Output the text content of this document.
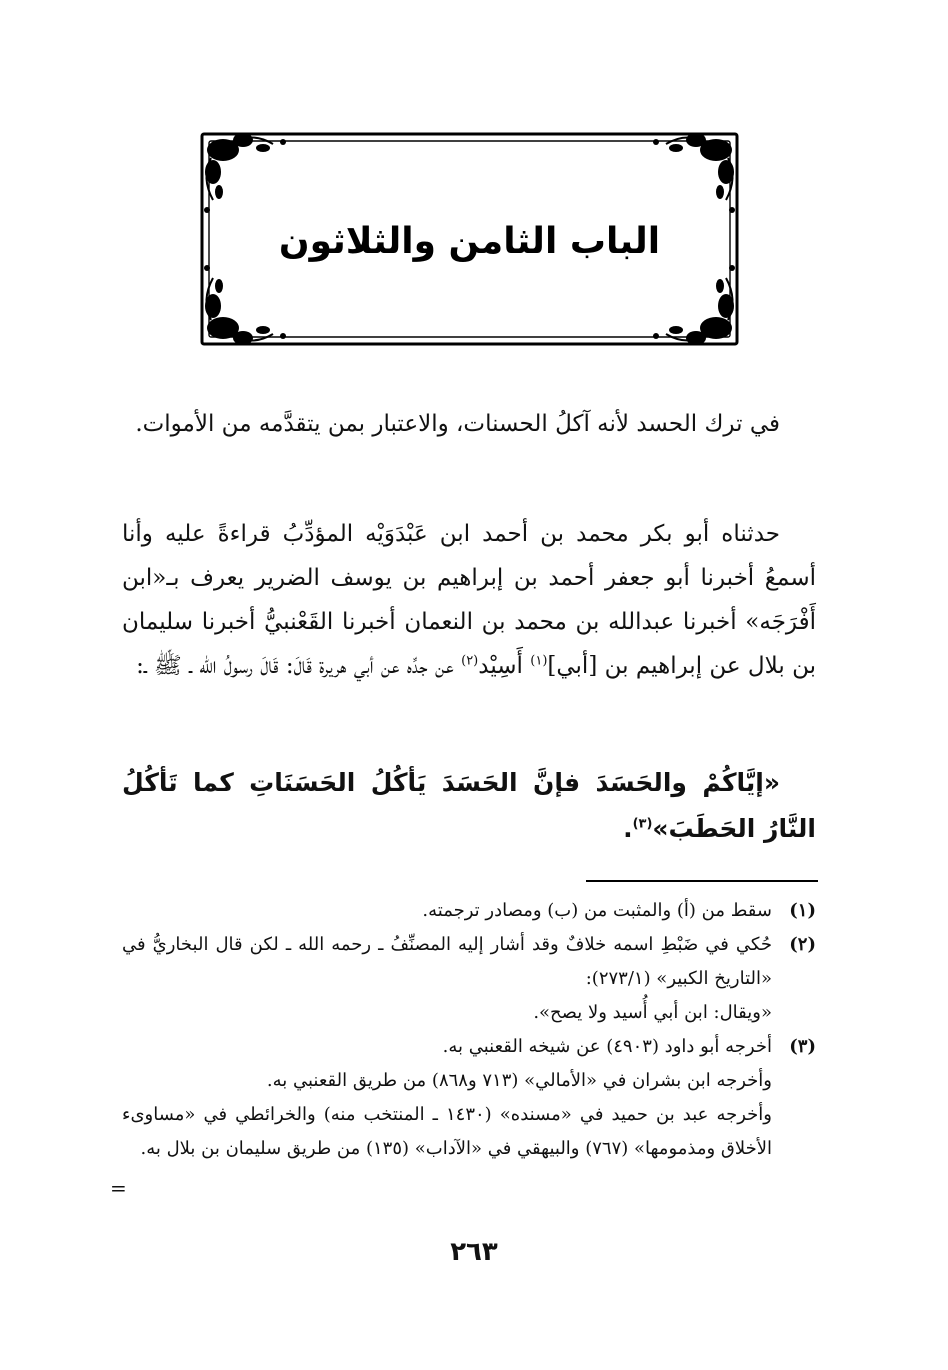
الباب الثامن والثلاثون
في ترك الحسد لأنه آكلُ الحسنات، والاعتبار بمن يتقدَّمه من الأموات.
حدثناه أبو بكر محمد بن أحمد ابن عَبْدَوَيْه المؤدِّبُ قراءةً عليه وأنا أسمعُ أخبرنا أبو جعفر أحمد بن إبراهيم بن يوسف الضرير يعرف بـ«ابن أَفْرَجَه» أخبرنا عبدالله بن محمد بن النعمان أخبرنا القَعْنبيُّ أخبرنا سليمان بن بلال عن إبراهيم بن [أبي]$^{(١)}$ أَسِيْد$^{(٢)}$ عن جدِّه عن أبي هريرة قَالَ: قَالَ رسولُ الله ـ ﷺ ـ:
«إيَّاكُمْ والحَسَدَ فإنَّ الحَسَدَ يَأكُلُ الحَسَنَاتِ كما تَأكُلُ النَّارُ الحَطَبَ»$^{(٣)}$.
(١)
سقط من (أ) والمثبت من (ب) ومصادر ترجمته.
(٢)
حُكي في ضَبْطِ اسمه خلافٌ وقد أشار إليه المصنِّفُ ـ رحمه الله ـ لكن قال البخاريُّ في «التاريخ الكبير» (٢٧٣/١):
«ويقال: ابن أبي أُسيد ولا يصح».
(٣)
أخرجه أبو داود (٤٩٠٣) عن شيخه القعنبي به.
وأخرجه ابن بشران في «الأمالي» (٧١٣ و٨٦٨) من طريق القعنبي به.
وأخرجه عبد بن حميد في «مسنده» (١٤٣٠ ـ المنتخب منه) والخرائطي في «مساوىء الأخلاق ومذمومها» (٧٦٧) والبيهقي في «الآداب» (١٣٥) من طريق سليمان بن بلال به.
=
٢٦٣
